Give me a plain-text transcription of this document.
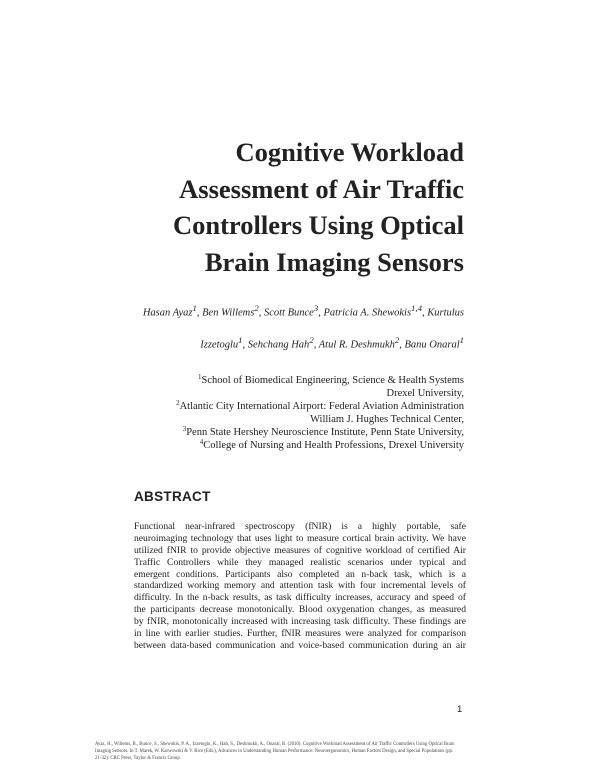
Cognitive Workload
Assessment of Air Traffic
Controllers Using Optical
Brain Imaging Sensors
Hasan Ayaz$^1$, Ben Willems$^2$, Scott Bunce$^3$, Patricia A. Shewokis$^{1,4}$, Kurtulus
Izzetoglu$^1$, Sehchang Hah$^2$, Atul R. Deshmukh$^2$, Banu Onaral$^1$
$^1$School of Biomedical Engineering, Science & Health Systems
Drexel University,
$^2$Atlantic City International Airport: Federal Aviation Administration
William J. Hughes Technical Center,
$^3$Penn State Hershey Neuroscience Institute, Penn State University,
$^4$College of Nursing and Health Professions, Drexel University
ABSTRACT
Functional near-infrared spectroscopy (fNIR) is a highly portable, safe
neuroimaging technology that uses light to measure cortical brain activity. We have
utilized fNIR to provide objective measures of cognitive workload of certified Air
Traffic Controllers while they managed realistic scenarios under typical and
emergent conditions. Participants also completed an n-back task, which is a
standardized working memory and attention task with four incremental levels of
difficulty. In the n-back results, as task difficulty increases, accuracy and speed of
the participants decrease monotonically. Blood oxygenation changes, as measured
by fNIR, monotonically increased with increasing task difficulty. These findings are
in line with earlier studies. Further, fNIR measures were analyzed for comparison
between data-based communication and voice-based communication during an air
1
Ayaz, H., Willems, B., Bunce, S., Shewokis, P. A., Izzetoglu, K., Hah, S., Deshmukh, A., Onaral, B. (2010). Cognitive Workload Assessment of Air Traffic Controllers Using Optical Brain
Imaging Sensors. In T. Marek, W. Karwowski & V. Rice (Eds.), Advances in Understanding Human Performance: Neuroergonomics, Human Factors Design, and Special Populations (pp.
21-32): CRC Press, Taylor & Francis Group
